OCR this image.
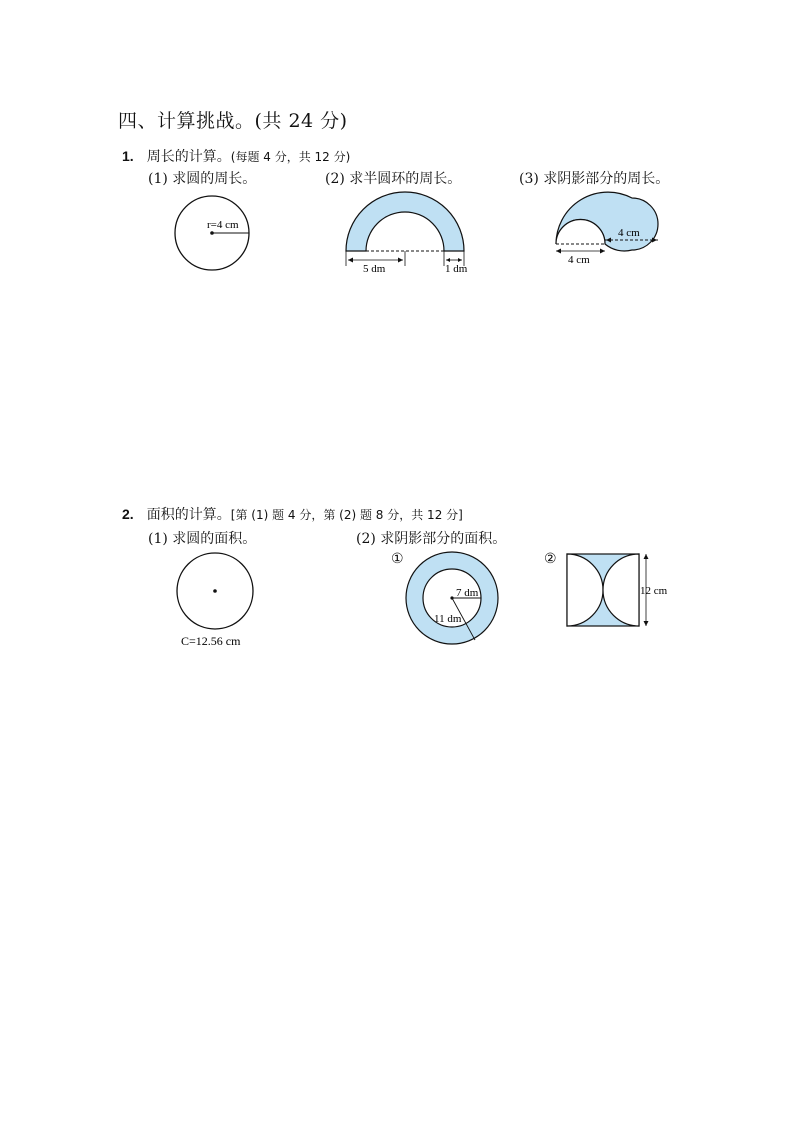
四、计算挑战。(共 24 分)
1. 周长的计算。(每题 4 分，共 12 分)
(1) 求圆的周长。	(2) 求半圆环的周长。	(3) 求阴影部分的周长。
r=4 cm
5 dm	1 dm
4 cm
4 cm
2. 面积的计算。[第 (1) 题 4 分，第 (2) 题 8 分，共 12 分]
(1) 求圆的面积。	(2) 求阴影部分的面积。
C=12.56 cm
①
7 dm
11 dm
②
12 cm
